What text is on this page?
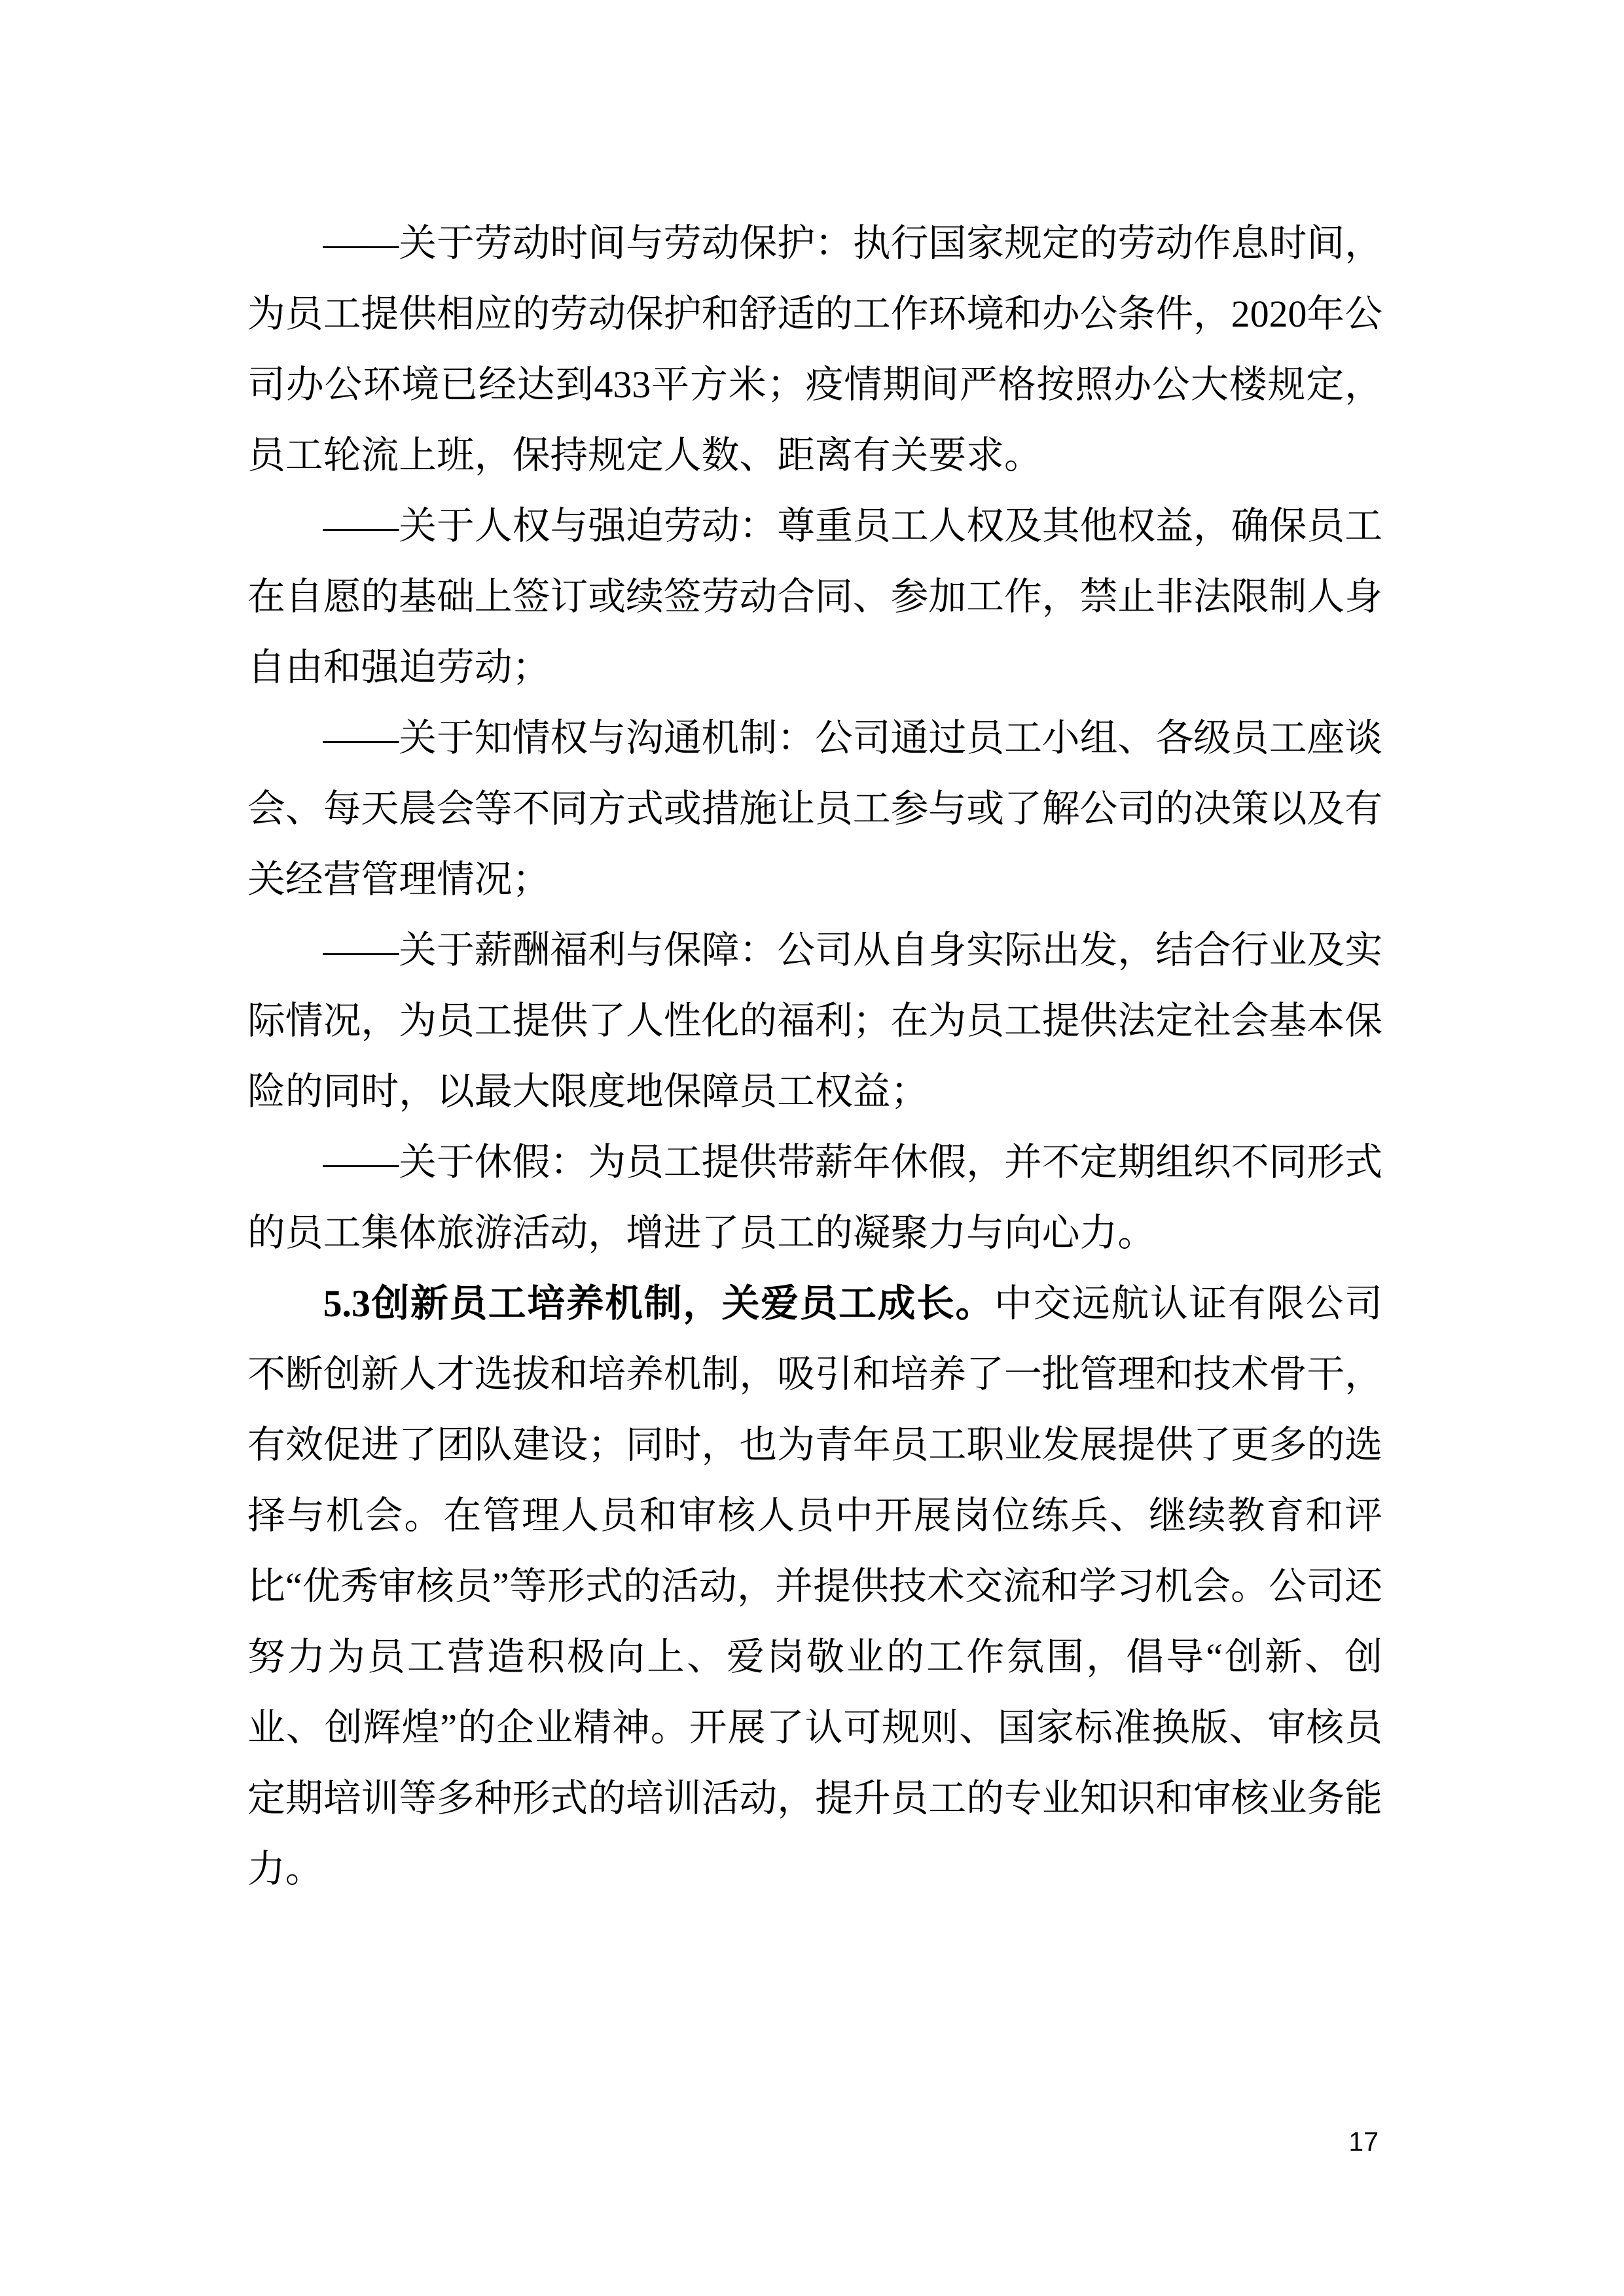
——关于劳动时间与劳动保护：执行国家规定的劳动作息时间，为员工提供相应的劳动保护和舒适的工作环境和办公条件，2020年公司办公环境已经达到433平方米；疫情期间严格按照办公大楼规定，员工轮流上班，保持规定人数、距离有关要求。

——关于人权与强迫劳动：尊重员工人权及其他权益，确保员工在自愿的基础上签订或续签劳动合同、参加工作，禁止非法限制人身自由和强迫劳动；

——关于知情权与沟通机制：公司通过员工小组、各级员工座谈会、每天晨会等不同方式或措施让员工参与或了解公司的决策以及有关经营管理情况；

——关于薪酬福利与保障：公司从自身实际出发，结合行业及实际情况，为员工提供了人性化的福利；在为员工提供法定社会基本保险的同时，以最大限度地保障员工权益；

——关于休假：为员工提供带薪年休假，并不定期组织不同形式的员工集体旅游活动，增进了员工的凝聚力与向心力。

5.3创新员工培养机制，关爱员工成长。中交远航认证有限公司不断创新人才选拔和培养机制，吸引和培养了一批管理和技术骨干，有效促进了团队建设；同时，也为青年员工职业发展提供了更多的选择与机会。在管理人员和审核人员中开展岗位练兵、继续教育和评比“优秀审核员”等形式的活动，并提供技术交流和学习机会。公司还努力为员工营造积极向上、爱岗敬业的工作氛围，倡导“创新、创业、创辉煌”的企业精神。开展了认可规则、国家标准换版、审核员定期培训等多种形式的培训活动，提升员工的专业知识和审核业务能力。

17
